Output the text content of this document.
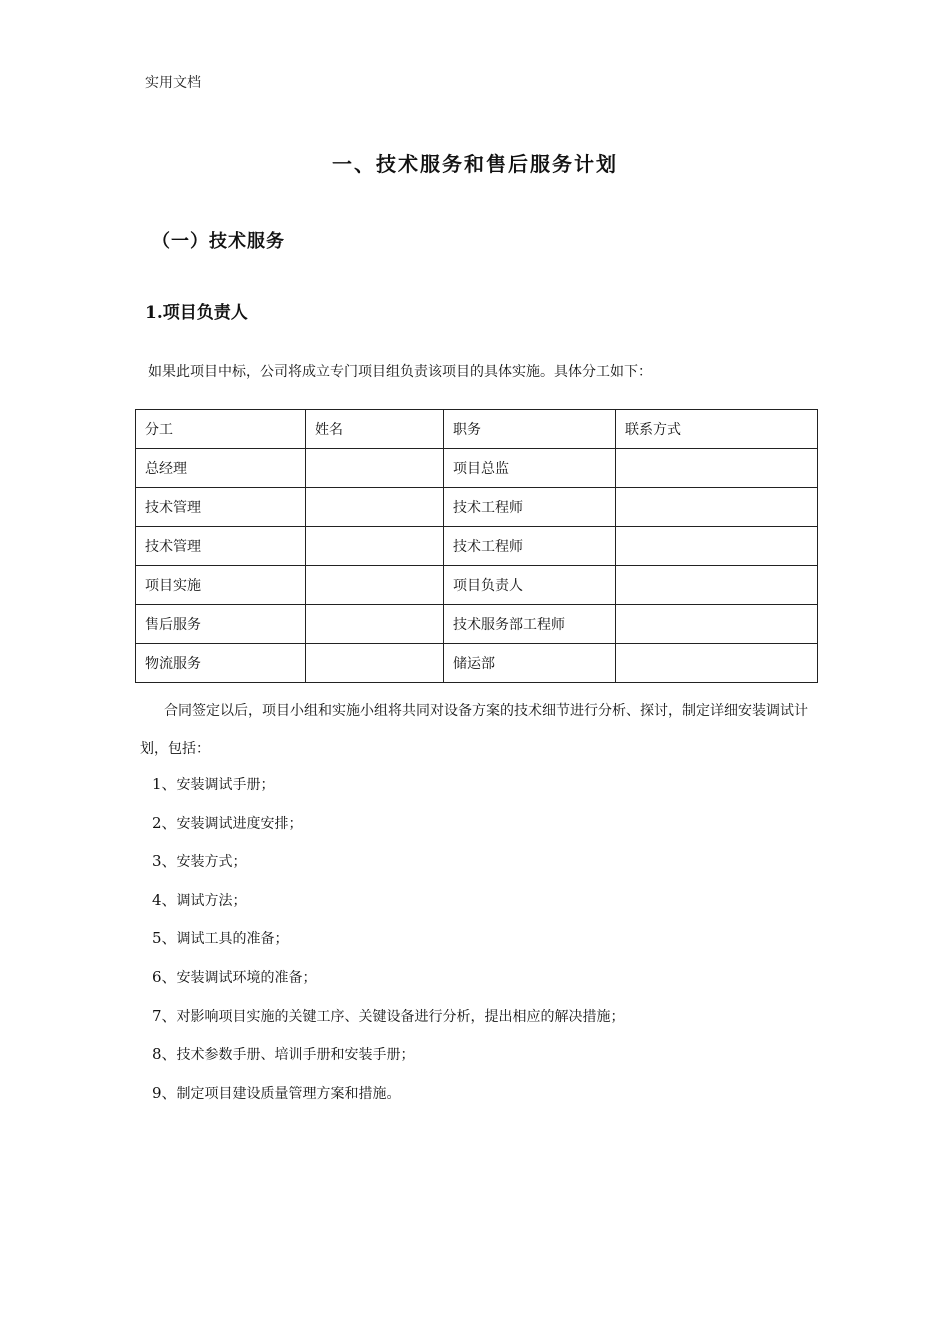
实用文档
一、技术服务和售后服务计划
（一）技术服务
1.项目负责人
如果此项目中标，公司将成立专门项目组负责该项目的具体实施。具体分工如下：
分工	姓名	职务	联系方式
总经理		项目总监	
技术管理		技术工程师	
技术管理		技术工程师	
项目实施		项目负责人	
售后服务		技术服务部工程师	
物流服务		储运部	
合同签定以后，项目小组和实施小组将共同对设备方案的技术细节进行分析、探讨，制定详细安装调试计划，包括：
1、安装调试手册；
2、安装调试进度安排；
3、安装方式；
4、调试方法；
5、调试工具的准备；
6、安装调试环境的准备；
7、对影响项目实施的关键工序、关键设备进行分析，提出相应的解决措施；
8、技术参数手册、培训手册和安装手册；
9、制定项目建设质量管理方案和措施。
